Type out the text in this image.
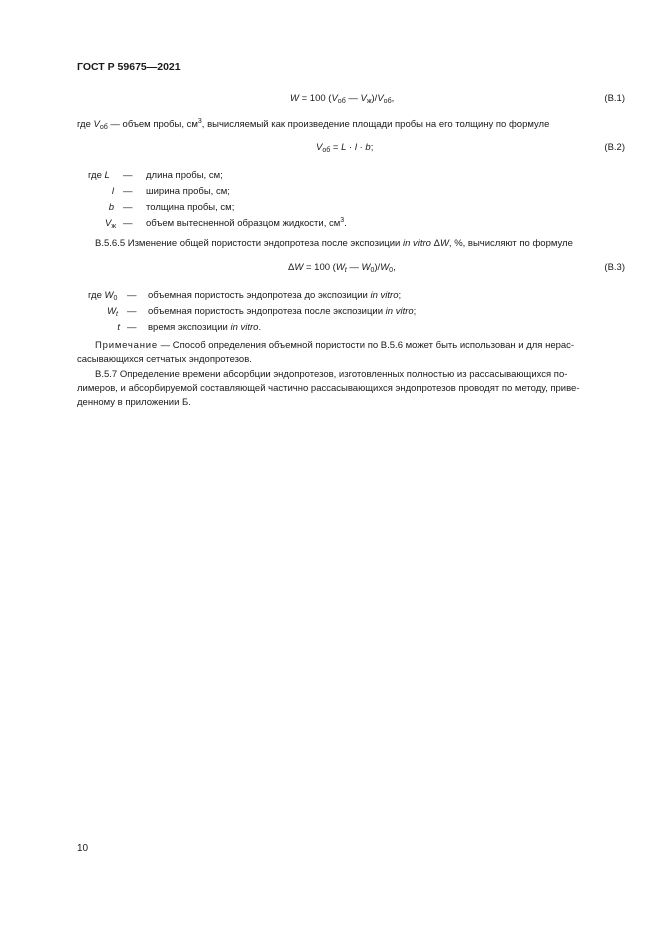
ГОСТ Р 59675—2021
W = 100 ($V_{об}$ — $V_ж)/V_{об}$,	(В.1)
где $V_{об}$ — объем пробы, $см^3$, вычисляемый как произведение площади пробы на его толщину по формуле
$V_{об} = L \cdot l \cdot b$;	(В.2)
где L	— длина пробы, см;
l — ширина пробы, см;
b — толщина пробы, см;
$V_ж$ — объем вытесненной образцом жидкости, $см^3$.
В.5.6.5 Изменение общей пористости эндопротеза после экспозиции in vitro ΔW, %, вычисляют по формуле
ΔW = 100 ($W_t$ — $W_0)/W_0$,	(В.3)
где $W_0$	— объемная пористость эндопротеза до экспозиции in vitro;
$W_t$ — объемная пористость эндопротеза после экспозиции in vitro;
t — время экспозиции in vitro.
Примечание — Способ определения объемной пористости по В.5.6 может быть использован и для нерас-
сасывающихся сетчатых эндопротезов.
В.5.7 Определение времени абсорбции эндопротезов, изготовленных полностью из рассасывающихся по-
лимеров, и абсорбируемой составляющей частично рассасывающихся эндопротезов проводят по методу, приве-
денному в приложении Б.
10
